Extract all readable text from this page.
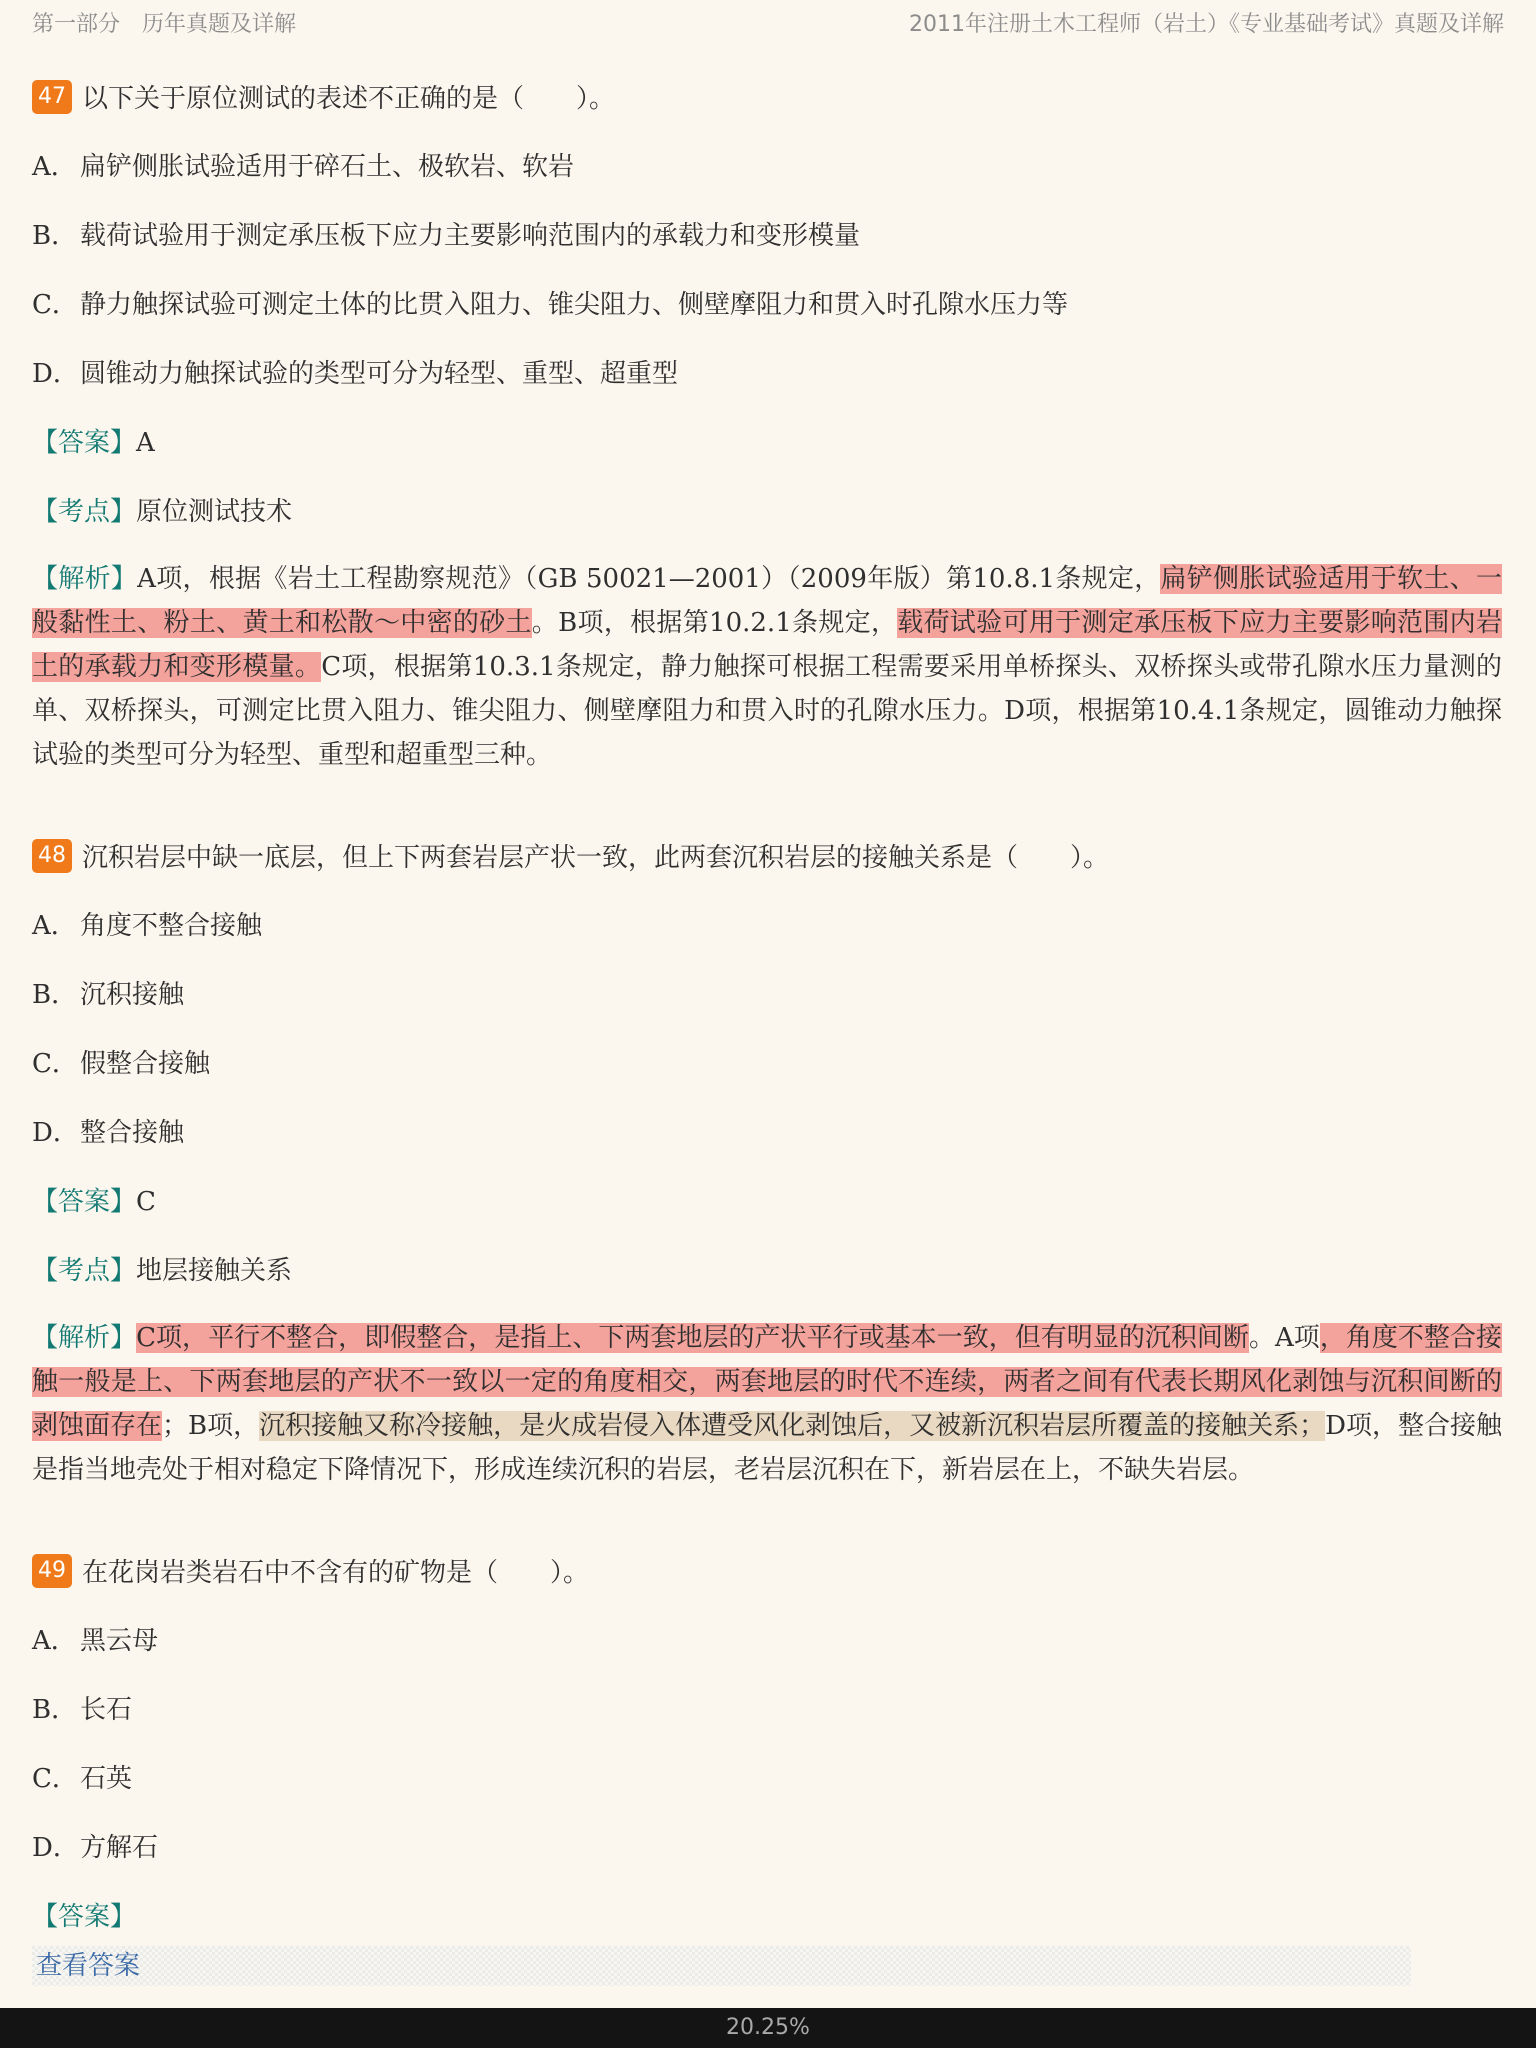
第一部分 历年真题及详解	2011年注册土木工程师（岩土）《专业基础考试》真题及详解
47 以下关于原位测试的表述不正确的是（　　）。
A． 扁铲侧胀试验适用于碎石土、极软岩、软岩
B． 载荷试验用于测定承压板下应力主要影响范围内的承载力和变形模量
C．静力触探试验可测定土体的比贯入阻力、锥尖阻力、侧壁摩阻力和贯入时孔隙水压力等
D．圆锥动力触探试验的类型可分为轻型、重型、超重型
【答案】A
【考点】原位测试技术
【解析】A项，根据《岩土工程勘察规范》（GB 50021—2001）（2009年版）第10.8.1条规定，扁铲侧胀试验适用于软土、一般黏性土、粉土、黄土和松散～中密的砂土。B项，根据第10.2.1条规定，载荷试验可用于测定承压板下应力主要影响范围内岩土的承载力和变形模量。C项，根据第10.3.1条规定，静力触探可根据工程需要采用单桥探头、双桥探头或带孔隙水压力量测的单、双桥探头，可测定比贯入阻力、锥尖阻力、侧壁摩阻力和贯入时的孔隙水压力。D项，根据第10.4.1条规定，圆锥动力触探试验的类型可分为轻型、重型和超重型三种。
48 沉积岩层中缺一底层，但上下两套岩层产状一致，此两套沉积岩层的接触关系是（　　）。
A． 角度不整合接触
B． 沉积接触
C．假整合接触
D．整合接触
【答案】C
【考点】地层接触关系
【解析】C项，平行不整合，即假整合，是指上、下两套地层的产状平行或基本一致，但有明显的沉积间断。A项，角度不整合接触一般是上、下两套地层的产状不一致以一定的角度相交，两套地层的时代不连续，两者之间有代表长期风化剥蚀与沉积间断的剥蚀面存在；B项，沉积接触又称冷接触，是火成岩侵入体遭受风化剥蚀后，又被新沉积岩层所覆盖的接触关系；D项，整合接触是指当地壳处于相对稳定下降情况下，形成连续沉积的岩层，老岩层沉积在下，新岩层在上，不缺失岩层。
49 在花岗岩类岩石中不含有的矿物是（　　）。
A． 黑云母
B． 长石
C．石英
D．方解石
【答案】查看答案
20.25%
